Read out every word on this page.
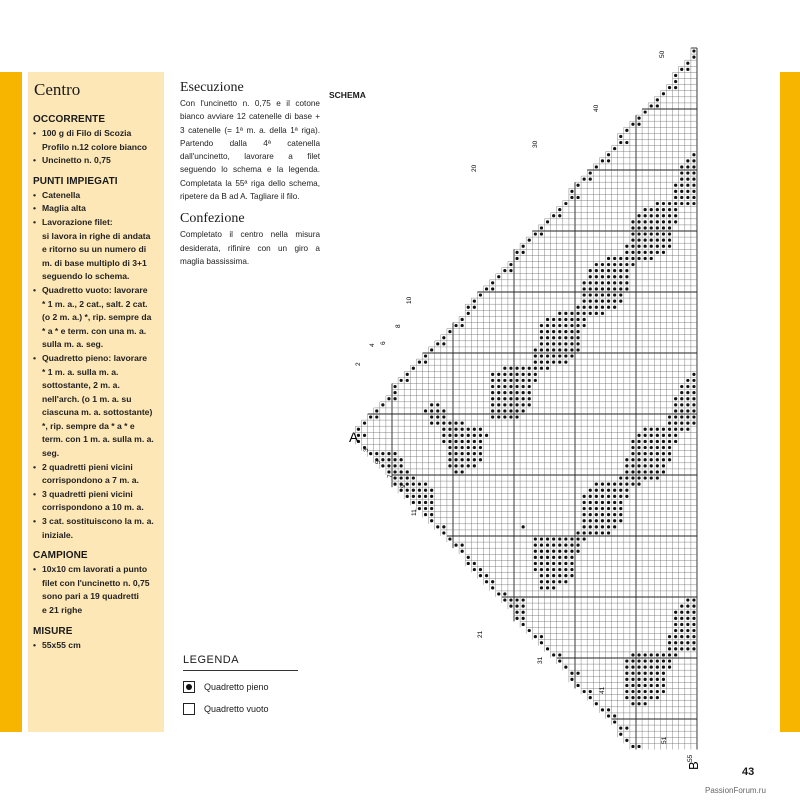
Centro
OCCORRENTE
• 100 g di Filo di Scozia
Profilo n.12 colore bianco
• Uncinetto n. 0,75
PUNTI IMPIEGATI
• Catenella
• Maglia alta
• Lavorazione filet:
si lavora in righe di andata
e ritorno su un numero di
m. di base multiplo di 3+1
seguendo lo schema.
• Quadretto vuoto: lavorare
* 1 m. a., 2 cat., salt. 2 cat.
(o 2 m. a.) *, rip. sempre da
* a * e term. con una m. a.
sulla m. a. seg.
• Quadretto pieno: lavorare
* 1 m. a. sulla m. a.
sottostante, 2 m. a.
nell'arch. (o 1 m. a. su
ciascuna m. a. sottostante)
*, rip. sempre da * a * e
term. con 1 m. a. sulla m. a.
seg.
• 2 quadretti pieni vicini
corrispondono a 7 m. a.
• 3 quadretti pieni vicini
corrispondono a 10 m. a.
• 3 cat. sostituiscono la m. a.
iniziale.
CAMPIONE
• 10x10 cm lavorati a punto
filet con l'uncinetto n. 0,75
sono pari a 19 quadretti
e 21 righe
MISURE
• 55x55 cm
Esecuzione

Con l'uncinetto n. 0,75 e il cotone bianco avviare 12 catenelle di base + 3 catenelle (= 1ª m. a. della 1ª riga). Partendo dalla 4ª catenella dall'uncinetto, lavorare a filet seguendo lo schema e la legenda. Completata la 55ª riga dello schema, ripetere da B ad A. Tagliare il filo.

Confezione

Completato il centro nella misura desiderata, rifinire con un giro a maglia bassissima.

SCHEMA
50
40
30
20
10
8
6
4
2
3
5
7
9
11
21
31
41
51
55
A
B
LEGENDA
Quadretto pieno
Quadretto vuoto
43
PassionForum.ru
